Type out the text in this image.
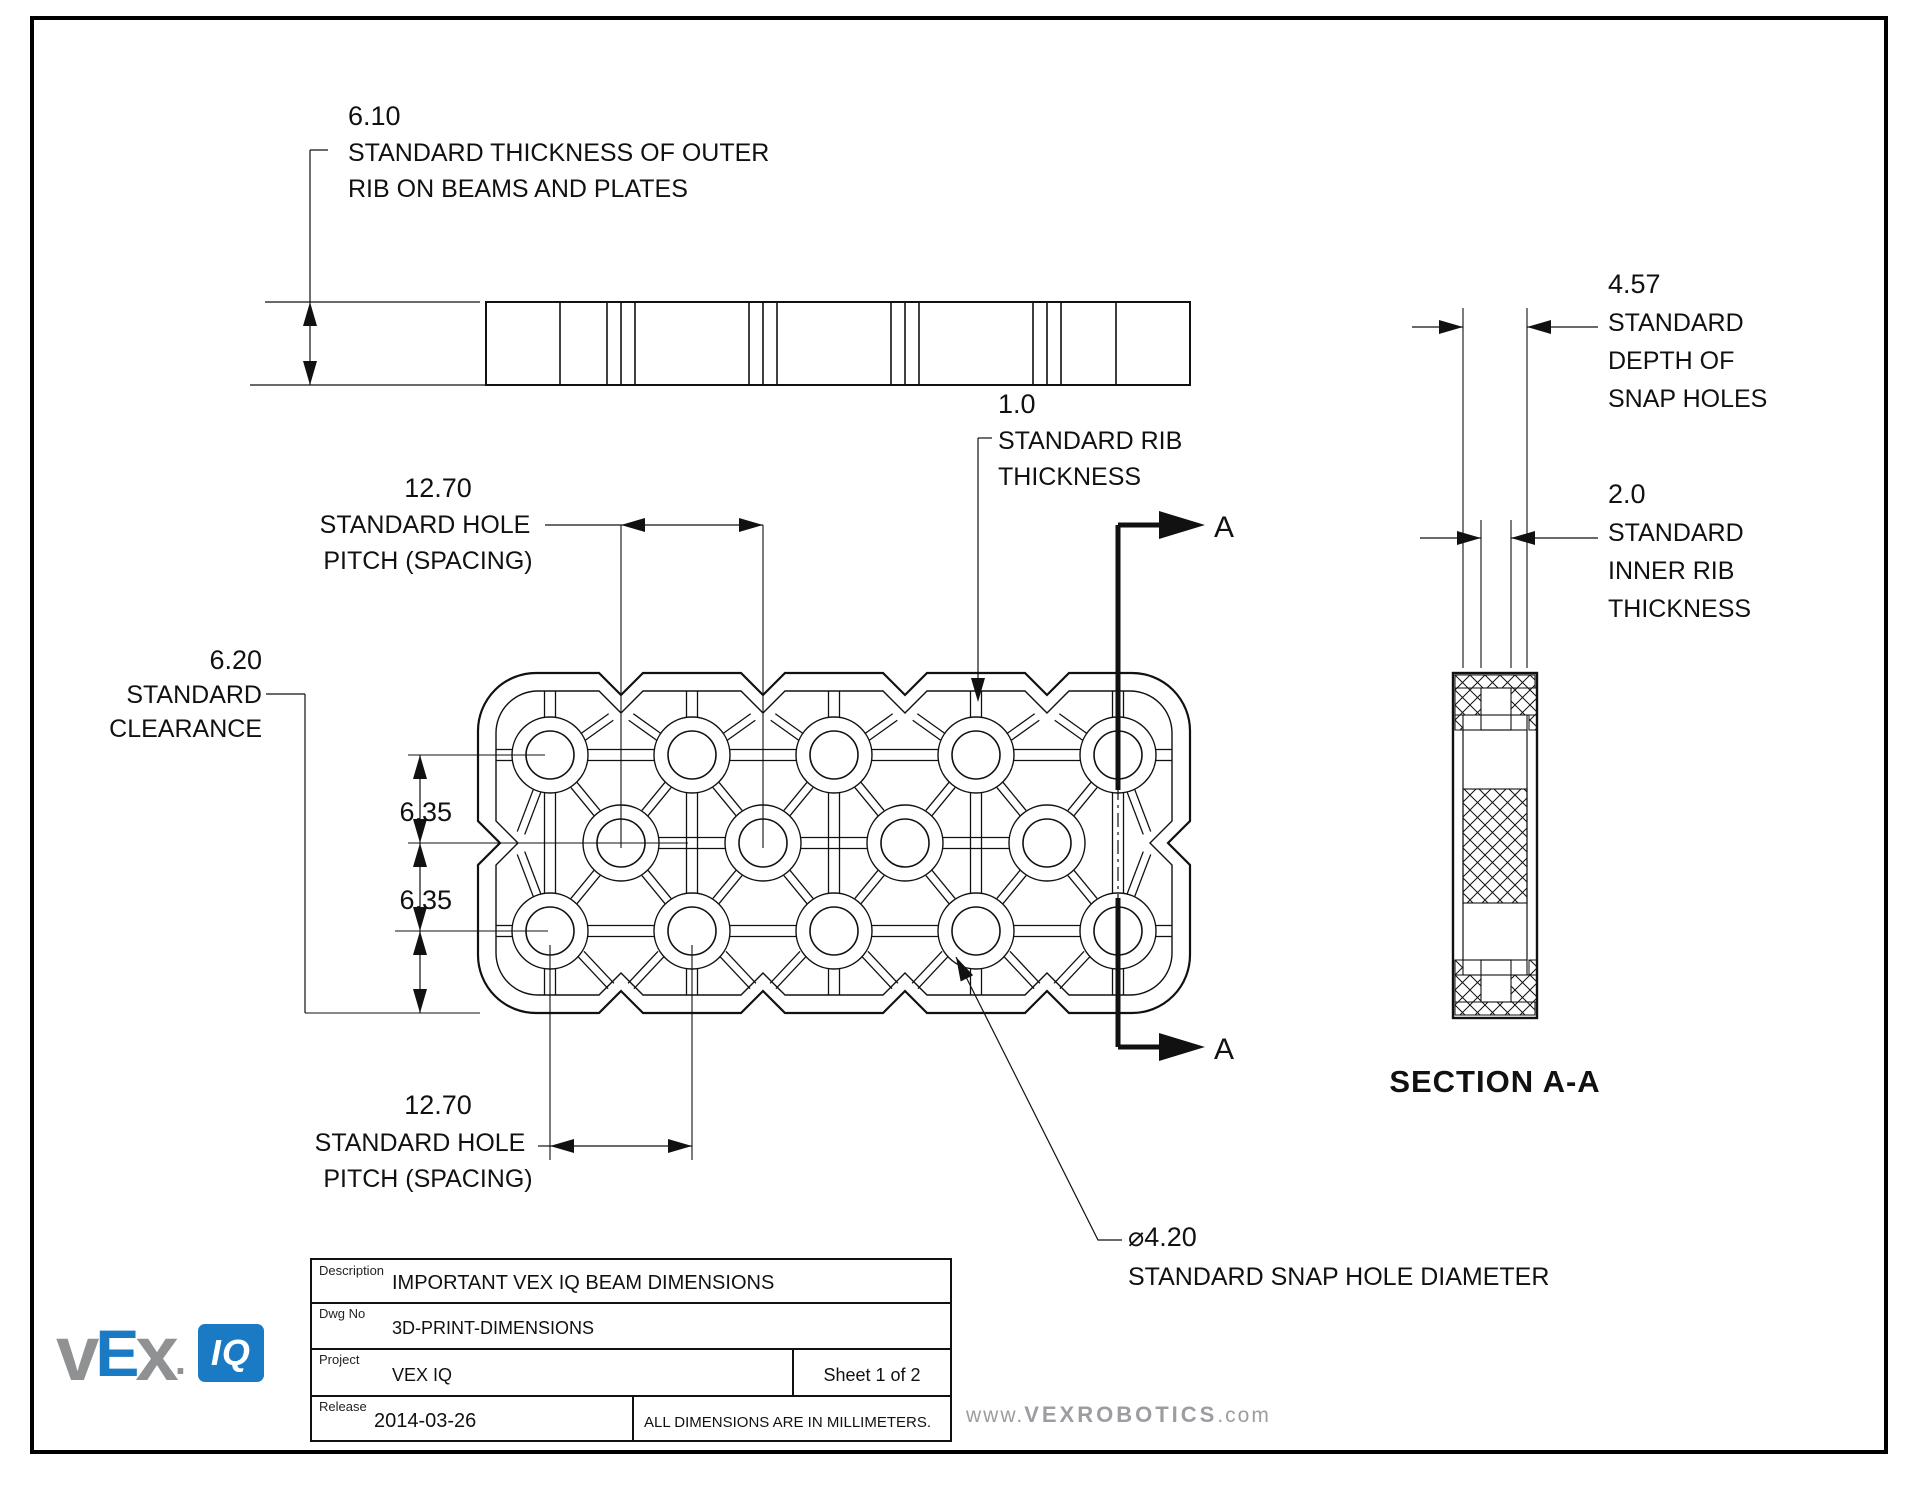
6.10
STANDARD THICKNESS OF OUTER
RIB ON BEAMS AND PLATES
12.70
STANDARD HOLE
PITCH (SPACING)
1.0
STANDARD RIB
THICKNESS
4.57
STANDARD
DEPTH OF
SNAP HOLES
2.0
STANDARD
INNER RIB
THICKNESS
6.20
STANDARD
CLEARANCE
6.35
6.35
12.70
STANDARD HOLE
PITCH (SPACING)
⌀4.20
STANDARD SNAP HOLE DIAMETER
SECTION A-A
A
A
Description
IMPORTANT VEX IQ BEAM DIMENSIONS
Dwg No
3D-PRINT-DIMENSIONS
Project
VEX IQ	Sheet 1 of 2
Release
2014-03-26	ALL DIMENSIONS ARE IN MILLIMETERS.
v E x . IQ
www.VEXROBOTICS.com
